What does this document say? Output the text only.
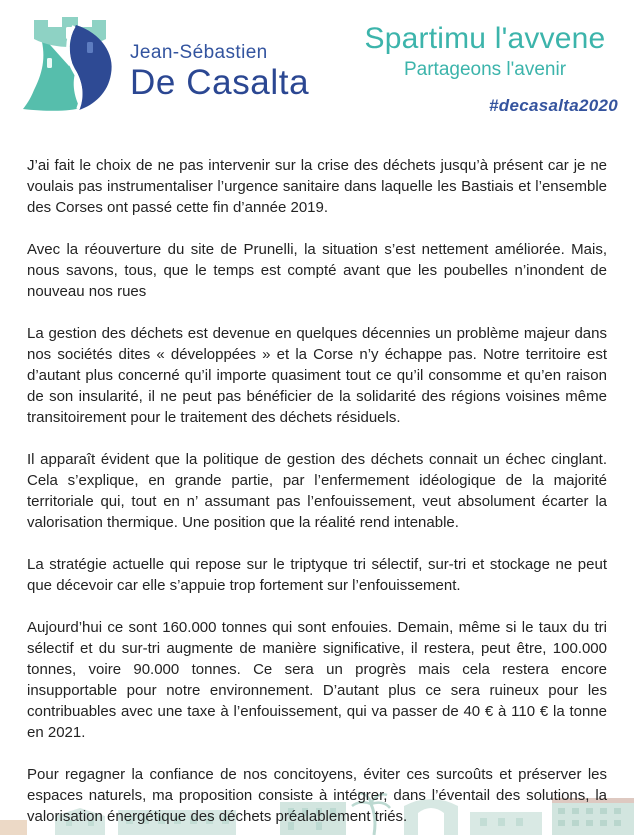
Jean-Sébastien
De Casalta
Spartimu l'avvene
Partageons l'avenir
#decasalta2020

J’ai fait le choix de ne pas intervenir sur la crise des déchets jusqu’à présent car je ne voulais pas instrumentaliser l’urgence sanitaire dans laquelle les Bastiais et l’ensemble des Corses ont passé cette fin d’année 2019.

Avec la réouverture du site de Prunelli, la situation s’est nettement améliorée. Mais, nous savons, tous, que le temps est compté avant que les poubelles n’inondent de nouveau nos rues

La gestion des déchets est devenue en quelques décennies un problème majeur dans nos sociétés dites « développées » et la Corse n’y échappe pas. Notre territoire est d’autant plus concerné qu’il importe quasiment tout ce qu’il consomme et qu’en raison de son insularité, il ne peut pas bénéficier de la solidarité des régions voisines même transitoirement pour le traitement des déchets résiduels.

Il apparaît évident que la politique de gestion des déchets connait un échec cinglant. Cela s’explique, en grande partie, par l’enfermement idéologique de la majorité territoriale qui, tout en n’ assumant pas l’enfouissement, veut absolument écarter la valorisation thermique. Une position que la réalité rend intenable.

La stratégie actuelle qui repose sur le triptyque tri sélectif, sur-tri et stockage ne peut que décevoir car elle s’appuie trop fortement sur l’enfouissement.

Aujourd’hui ce sont 160.000 tonnes qui sont enfouies. Demain, même si le taux du tri sélectif et du sur-tri augmente de manière significative, il restera, peut être, 100.000 tonnes, voire 90.000 tonnes. Ce sera un progrès mais cela restera encore insupportable pour notre environnement. D’autant plus ce sera ruineux pour les contribuables avec une taxe à l’enfouissement, qui va passer de 40 € à 110 € la tonne en 2021.

Pour regagner la confiance de nos concitoyens, éviter ces surcoûts et préserver les espaces naturels, ma proposition consiste à intégrer, dans l’éventail des solutions, la valorisation énergétique des déchets préalablement triés.
